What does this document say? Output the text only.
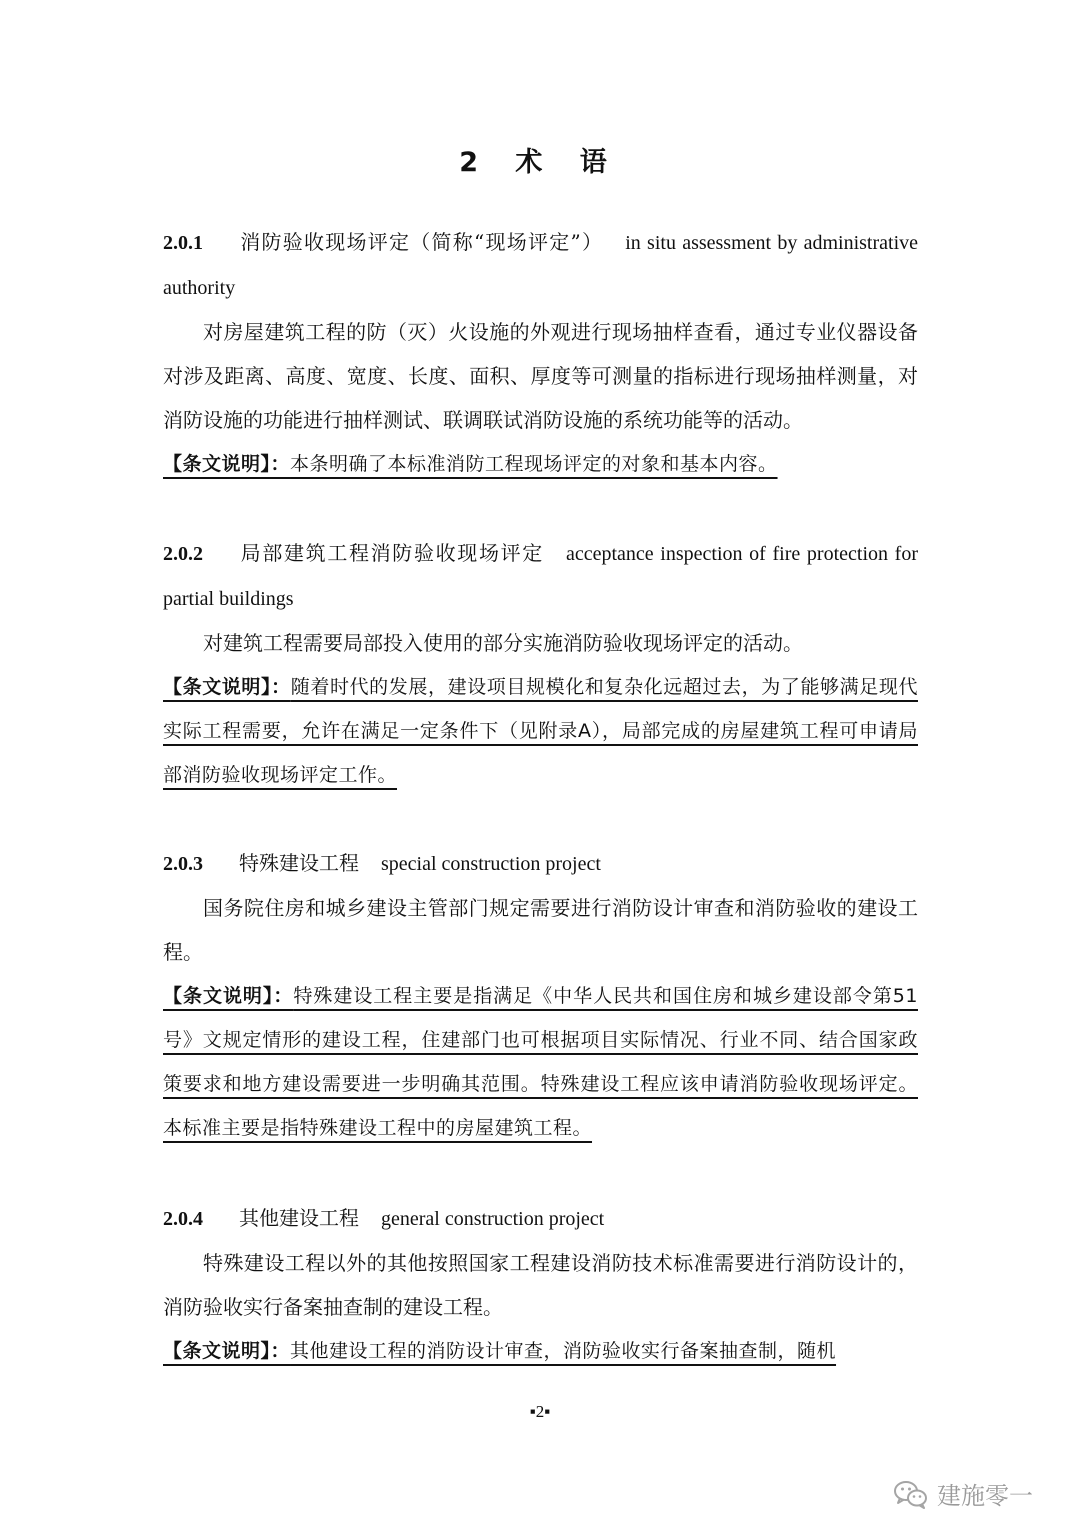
2 术 语

2.0.1 消防验收现场评定（简称“现场评定”） in situ assessment by administrative authority

对房屋建筑工程的防（灭）火设施的外观进行现场抽样查看，通过专业仪器设备对涉及距离、高度、宽度、长度、面积、厚度等可测量的指标进行现场抽样测量，对消防设施的功能进行抽样测试、联调联试消防设施的系统功能等的活动。

【条文说明】：本条明确了本标准消防工程现场评定的对象和基本内容。

2.0.2 局部建筑工程消防验收现场评定 acceptance inspection of fire protection for partial buildings

对建筑工程需要局部投入使用的部分实施消防验收现场评定的活动。

【条文说明】：随着时代的发展，建设项目规模化和复杂化远超过去，为了能够满足现代实际工程需要，允许在满足一定条件下（见附录A），局部完成的房屋建筑工程可申请局部消防验收现场评定工作。

2.0.3 特殊建设工程 special construction project

国务院住房和城乡建设主管部门规定需要进行消防设计审查和消防验收的建设工程。

【条文说明】：特殊建设工程主要是指满足《中华人民共和国住房和城乡建设部令第51号》文规定情形的建设工程，住建部门也可根据项目实际情况、行业不同、结合国家政策要求和地方建设需要进一步明确其范围。特殊建设工程应该申请消防验收现场评定。本标准主要是指特殊建设工程中的房屋建筑工程。

2.0.4 其他建设工程 general construction project

特殊建设工程以外的其他按照国家工程建设消防技术标准需要进行消防设计的，消防验收实行备案抽查制的建设工程。

【条文说明】：其他建设工程的消防设计审查，消防验收实行备案抽查制，随机

▪2▪
建施零一
